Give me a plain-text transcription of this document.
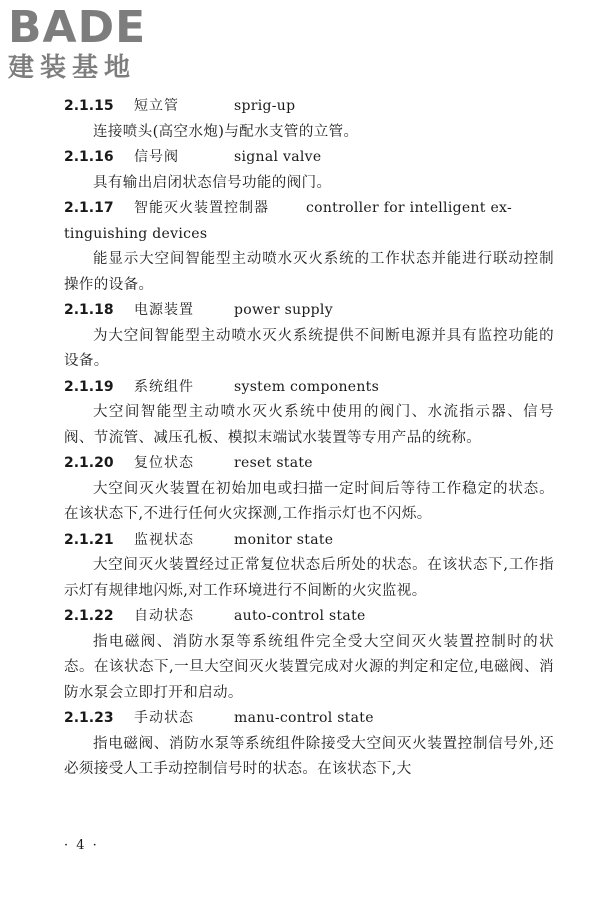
BADE
建装基地
2.1.15 短立管	sprig-up

连接喷头(高空水炮)与配水支管的立管。

2.1.16 信号阀	signal valve

具有输出启闭状态信号功能的阀门。

2.1.17 智能灭火装置控制器	controller for intelligent ex-
tinguishing devices

能显示大空间智能型主动喷水灭火系统的工作状态并能进行联动控制操作的设备。

2.1.18 电源装置	power supply

为大空间智能型主动喷水灭火系统提供不间断电源并具有监控功能的设备。

2.1.19 系统组件	system components

大空间智能型主动喷水灭火系统中使用的阀门、水流指示器、信号阀、节流管、减压孔板、模拟末端试水装置等专用产品的统称。

2.1.20 复位状态	reset state

大空间灭火装置在初始加电或扫描一定时间后等待工作稳定的状态。在该状态下,不进行任何火灾探测,工作指示灯也不闪烁。

2.1.21 监视状态	monitor state

大空间灭火装置经过正常复位状态后所处的状态。在该状态下,工作指示灯有规律地闪烁,对工作环境进行不间断的火灾监视。

2.1.22 自动状态	auto-control state

指电磁阀、消防水泵等系统组件完全受大空间灭火装置控制时的状态。在该状态下,一旦大空间灭火装置完成对火源的判定和定位,电磁阀、消防水泵会立即打开和启动。

2.1.23 手动状态	manu-control state

指电磁阀、消防水泵等系统组件除接受大空间灭火装置控制信号外,还必须接受人工手动控制信号时的状态。在该状态下,大

· 4 ·
